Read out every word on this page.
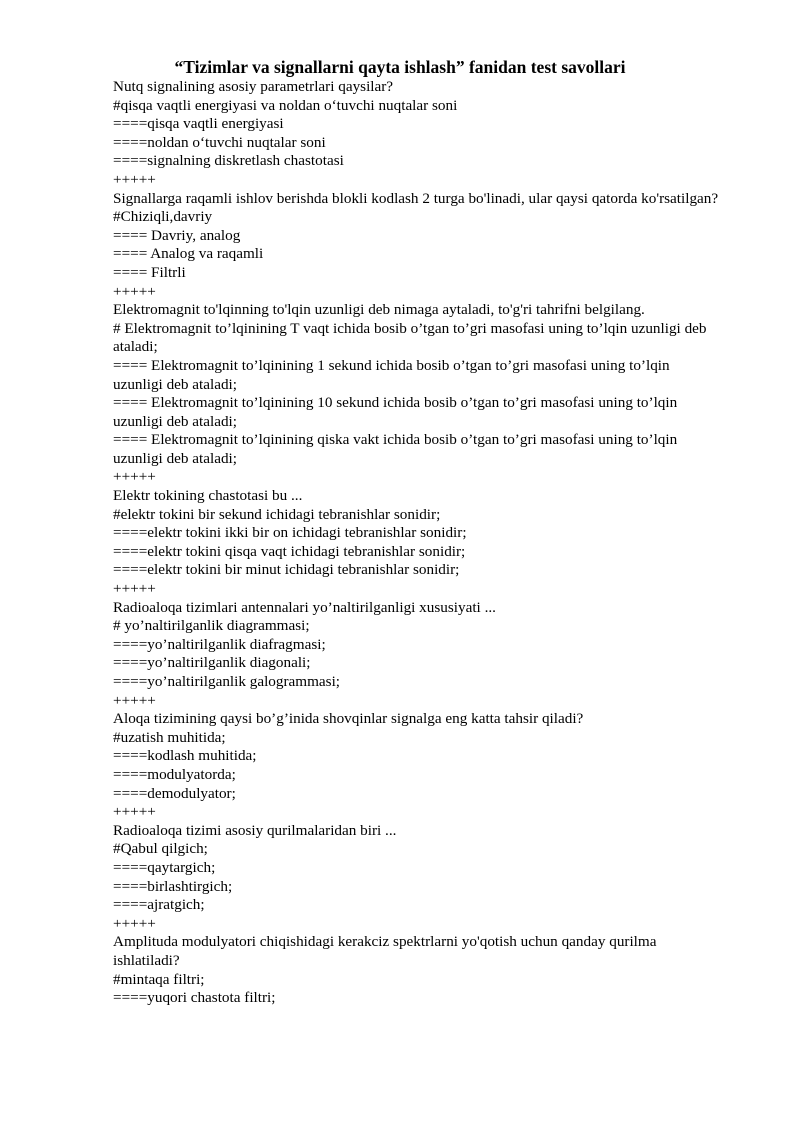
“Tizimlar va signallarni qayta ishlash” fanidan test savollari
Nutq signalining asosiy parametrlari qaysilar?
#qisqa vaqtli energiyasi va noldan o‘tuvchi nuqtalar soni
====qisqa vaqtli energiyasi
====noldan o‘tuvchi nuqtalar soni
====signalning diskretlash chastotasi
+++++
Signallarga raqamli ishlov berishda blokli kodlash 2 turga bo'linadi, ular qaysi qatorda ko'rsatilgan?
#Chiziqli,davriy
==== Davriy, analog
==== Analog va raqamli
==== Filtrli
+++++
Elektromagnit to'lqinning to'lqin uzunligi deb nimaga aytaladi, to'g'ri tahrifni belgilang.
# Elektromagnit to’lqinining T vaqt ichida bosib o’tgan to’gri masofasi uning to’lqin uzunligi deb ataladi;
==== Elektromagnit to’lqinining 1 sekund ichida bosib o’tgan to’gri masofasi uning to’lqin uzunligi deb ataladi;
==== Elektromagnit to’lqinining 10 sekund ichida bosib o’tgan to’gri masofasi uning to’lqin uzunligi deb ataladi;
==== Elektromagnit to’lqinining qiska vakt ichida bosib o’tgan to’gri masofasi uning to’lqin uzunligi deb ataladi;
+++++
Elektr tokining chastotasi bu ...
#elektr tokini bir sekund ichidagi tebranishlar sonidir;
====elektr tokini ikki bir on ichidagi tebranishlar sonidir;
====elektr tokini qisqa vaqt ichidagi tebranishlar sonidir;
====elektr tokini bir minut ichidagi tebranishlar sonidir;
+++++
Radioaloqa tizimlari antennalari yo’naltirilganligi xususiyati ...
# yo’naltirilganlik diagrammasi;
====yo’naltirilganlik diafragmasi;
====yo’naltirilganlik diagonali;
====yo’naltirilganlik galogrammasi;
+++++
Aloqa tizimining qaysi bo’g’inida shovqinlar signalga eng katta tahsir qiladi?
#uzatish muhitida;
====kodlash muhitida;
====modulyatorda;
====demodulyator;
+++++
Radioaloqa tizimi asosiy qurilmalaridan biri ...
#Qabul qilgich;
====qaytargich;
====birlashtirgich;
====ajratgich;
+++++
Amplituda modulyatori chiqishidagi kerakciz spektrlarni yo'qotish uchun qanday qurilma ishlatiladi?
#mintaqa filtri;
====yuqori chastota filtri;
